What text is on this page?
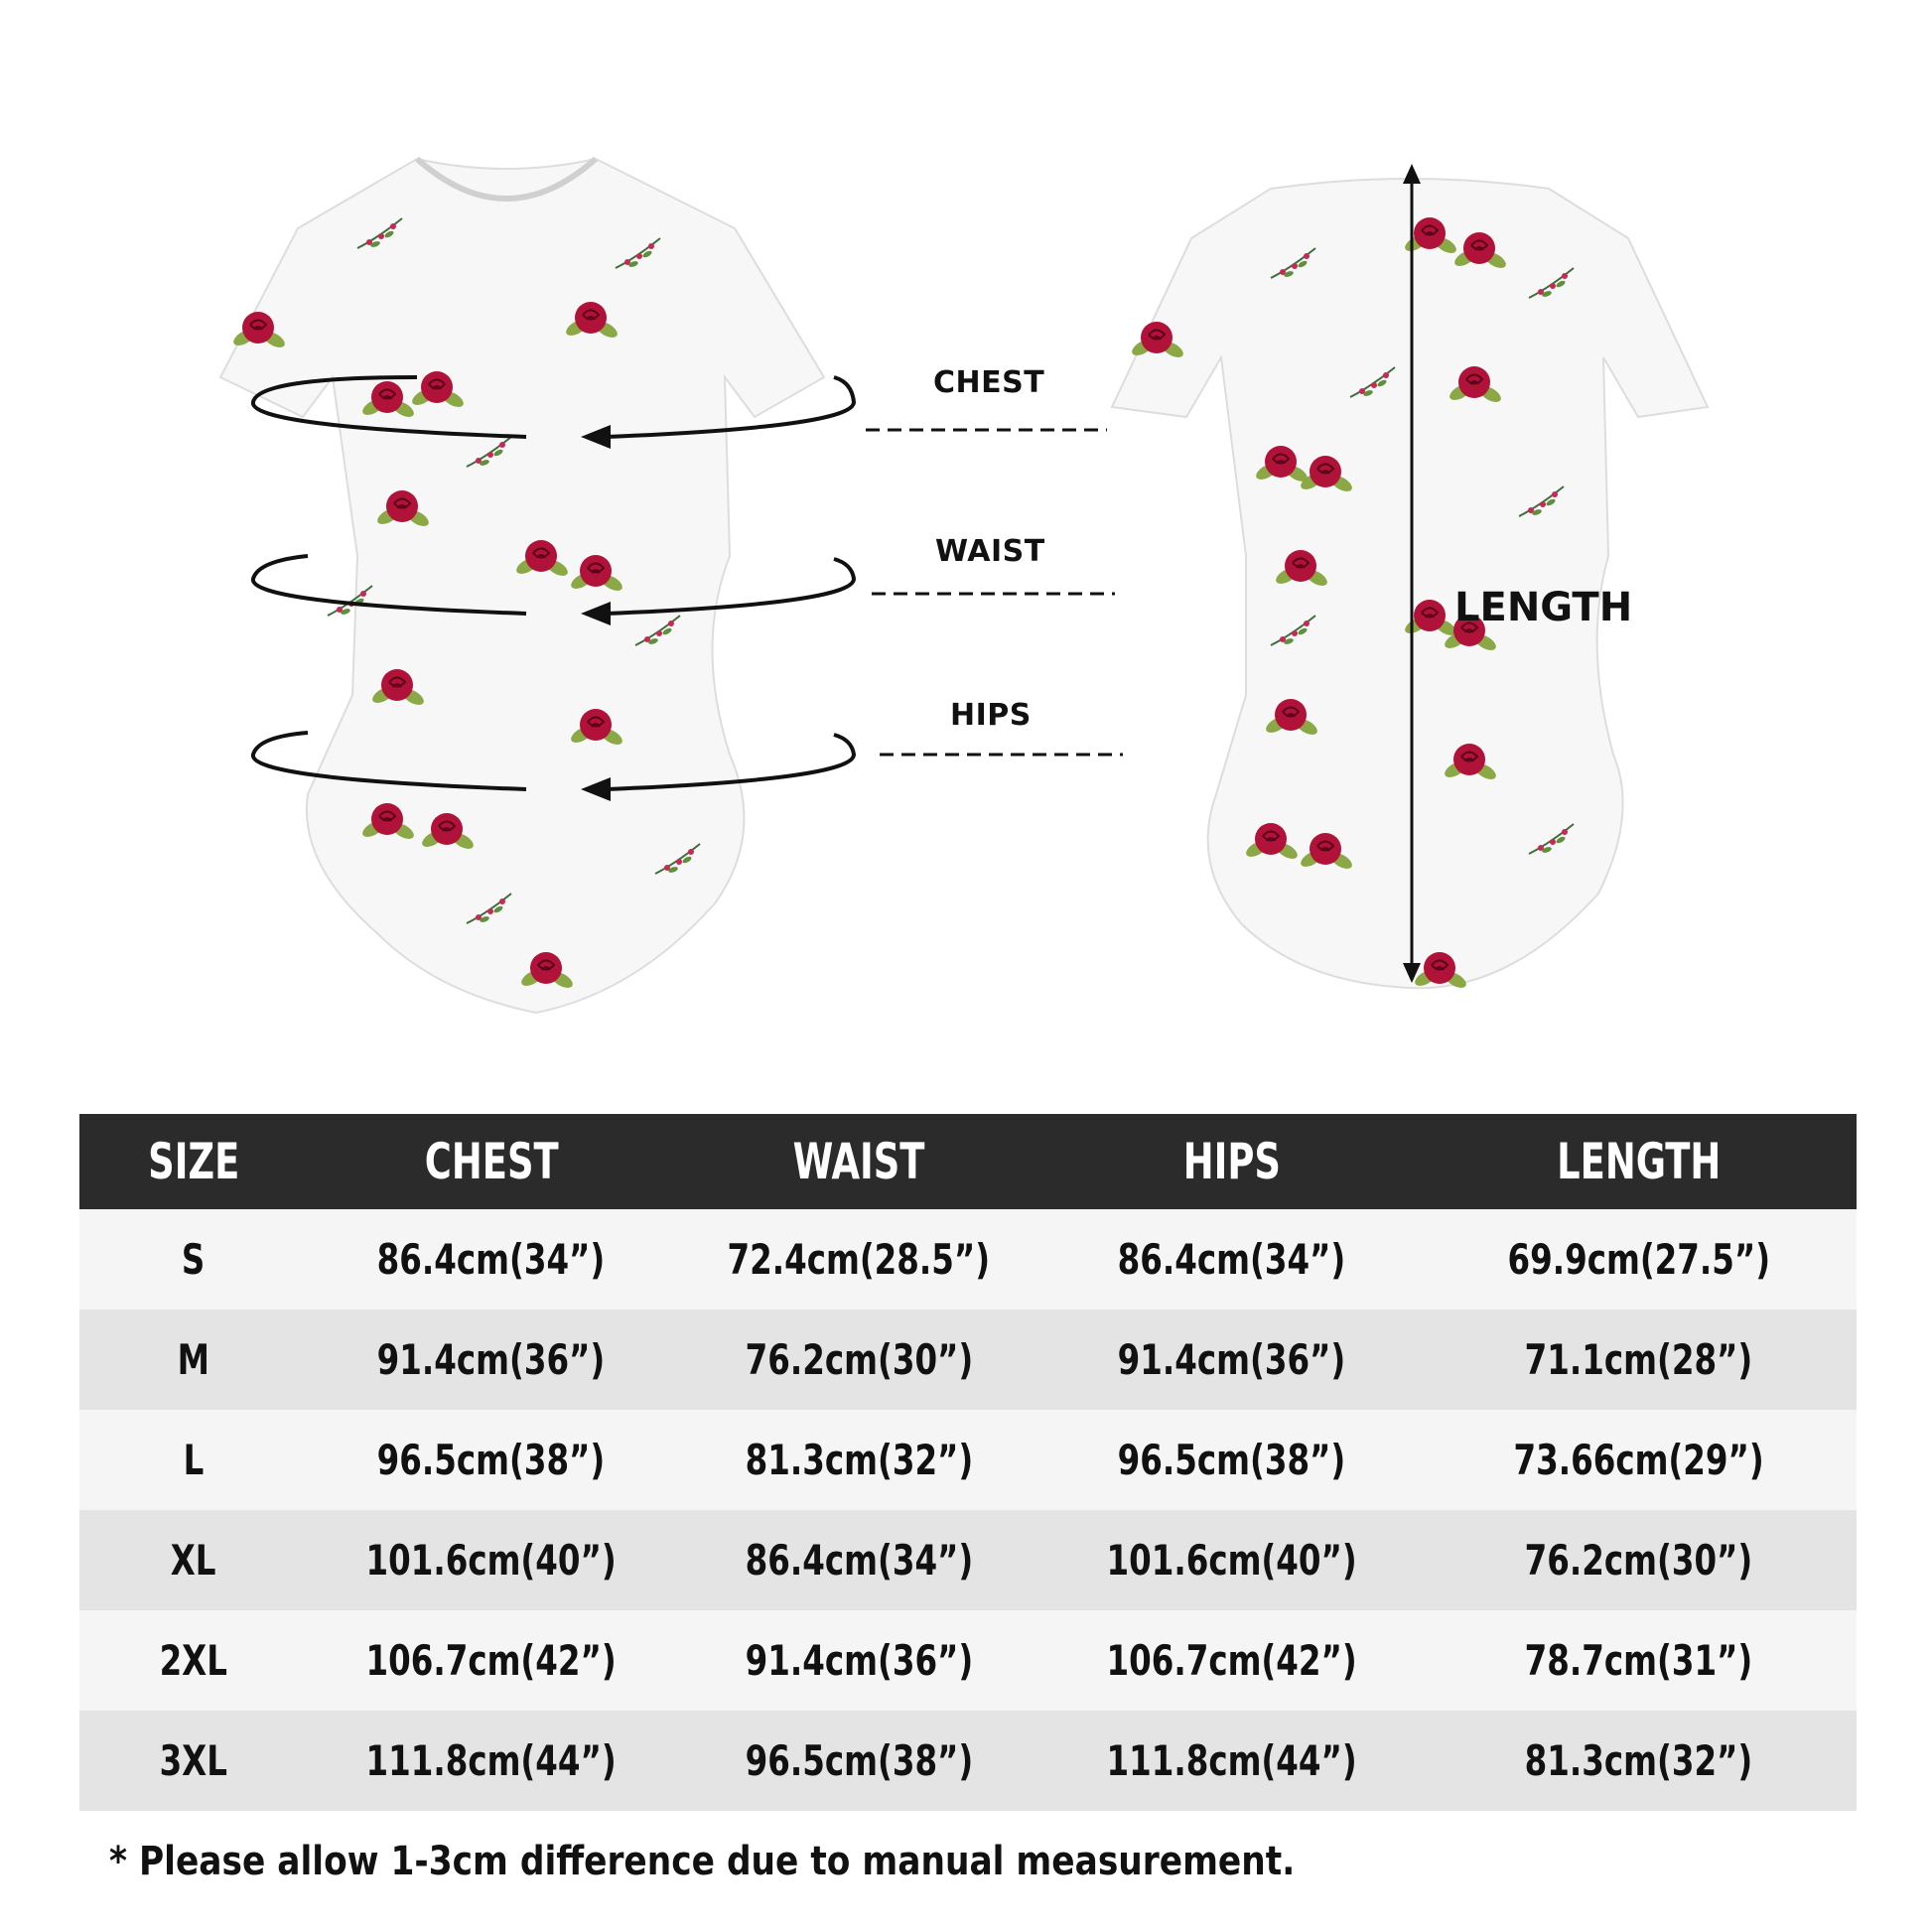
CHEST
WAIST
HIPS
LENGTH
SIZE	CHEST	WAIST	HIPS	LENGTH
S	86.4cm(34”)	72.4cm(28.5”)	86.4cm(34”)	69.9cm(27.5”)
M	91.4cm(36”)	76.2cm(30”)	91.4cm(36”)	71.1cm(28”)
L	96.5cm(38”)	81.3cm(32”)	96.5cm(38”)	73.66cm(29”)
XL	101.6cm(40”)	86.4cm(34”)	101.6cm(40”)	76.2cm(30”)
2XL	106.7cm(42”)	91.4cm(36”)	106.7cm(42”)	78.7cm(31”)
3XL	111.8cm(44”)	96.5cm(38”)	111.8cm(44”)	81.3cm(32”)
* Please allow 1-3cm difference due to manual measurement.
